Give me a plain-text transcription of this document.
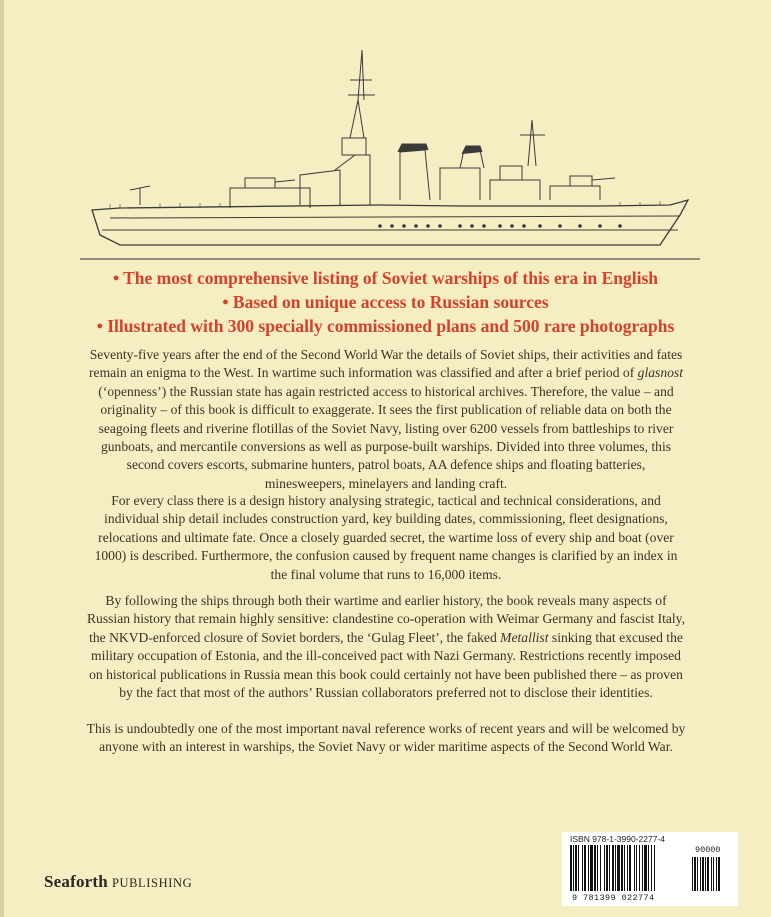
• The most comprehensive listing of Soviet warships of this era in English
• Based on unique access to Russian sources
• Illustrated with 300 specially commissioned plans and 500 rare photographs

Seventy-five years after the end of the Second World War the details of Soviet ships, their activities and fates remain an enigma to the West. In wartime such information was classified and after a brief period of glasnost (‘openness’) the Russian state has again restricted access to historical archives. Therefore, the value – and originality – of this book is difficult to exaggerate. It sees the first publication of reliable data on both the seagoing fleets and riverine flotillas of the Soviet Navy, listing over 6200 vessels from battleships to river gunboats, and mercantile conversions as well as purpose-built warships. Divided into three volumes, this second covers escorts, submarine hunters, patrol boats, AA defence ships and floating batteries, minesweepers, minelayers and landing craft.

For every class there is a design history analysing strategic, tactical and technical considerations, and individual ship detail includes construction yard, key building dates, commissioning, fleet designations, relocations and ultimate fate. Once a closely guarded secret, the wartime loss of every ship and boat (over 1000) is described. Furthermore, the confusion caused by frequent name changes is clarified by an index in the final volume that runs to 16,000 items.

By following the ships through both their wartime and earlier history, the book reveals many aspects of Russian history that remain highly sensitive: clandestine co-operation with Weimar Germany and fascist Italy, the NKVD-enforced closure of Soviet borders, the ‘Gulag Fleet’, the faked Metallist sinking that excused the military occupation of Estonia, and the ill-conceived pact with Nazi Germany. Restrictions recently imposed on historical publications in Russia mean this book could certainly not have been published there – as proven by the fact that most of the authors’ Russian collaborators preferred not to disclose their identities.

This is undoubtedly one of the most important naval reference works of recent years and will be welcomed by anyone with an interest in warships, the Soviet Navy or wider maritime aspects of the Second World War.

Seaforth PUBLISHING
ISBN 978-1-3990-2277-4
9 781399 022774
90000
